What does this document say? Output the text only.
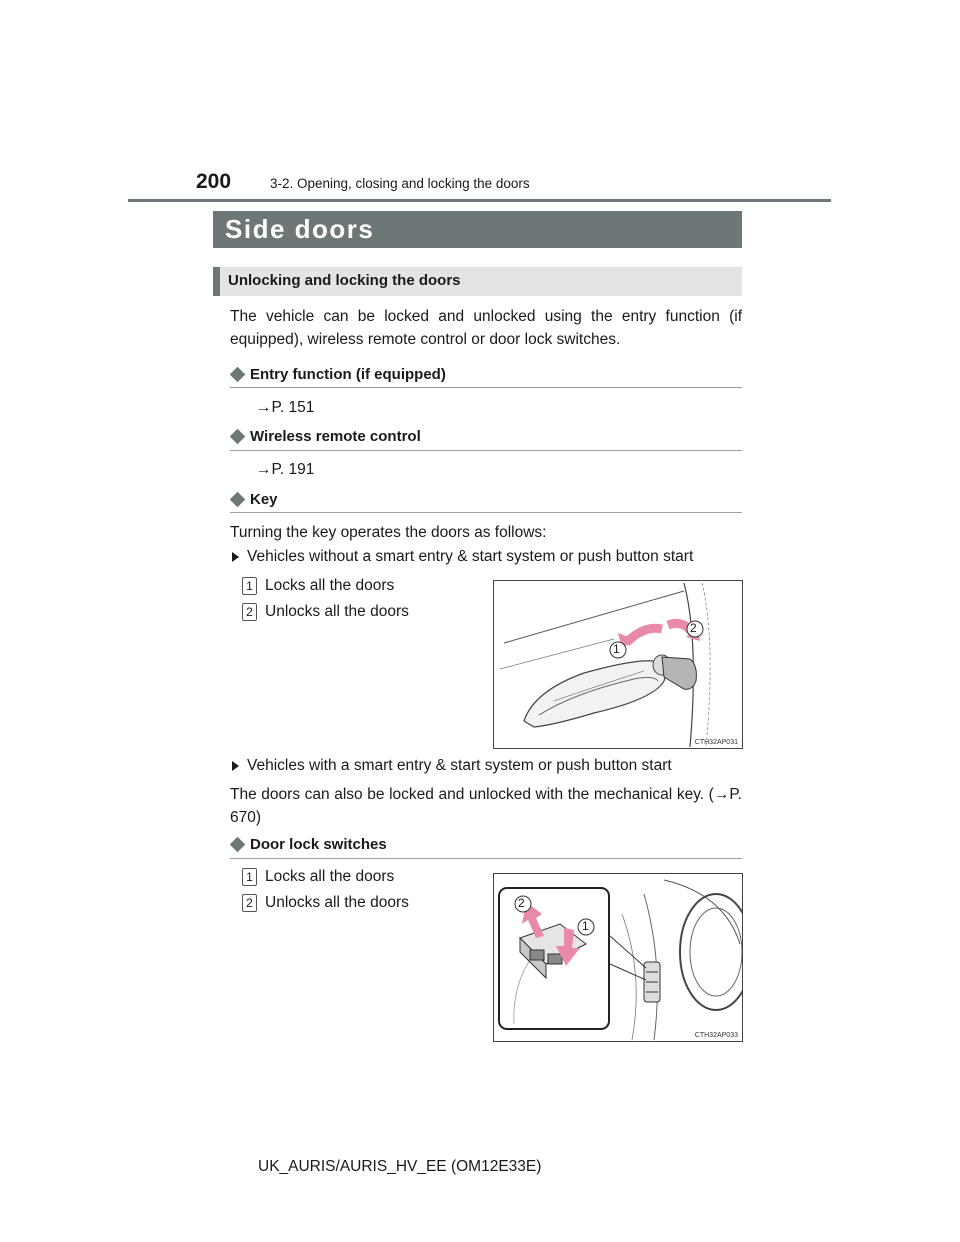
200	3-2. Opening, closing and locking the doors
Side doors
Unlocking and locking the doors
The vehicle can be locked and unlocked using the entry function (if equipped), wireless remote control or door lock switches.
Entry function (if equipped)
→P. 151
Wireless remote control
→P. 191
Key
Turning the key operates the doors as follows:
Vehicles without a smart entry & start system or push button start
1 Locks all the doors
2 Unlocks all the doors
1
2
CTH32AP031
Vehicles with a smart entry & start system or push button start
The doors can also be locked and unlocked with the mechanical key. (→P. 670)
Door lock switches
1 Locks all the doors
2 Unlocks all the doors	2
1
CTH32AP033
UK_AURIS/AURIS_HV_EE (OM12E33E)
